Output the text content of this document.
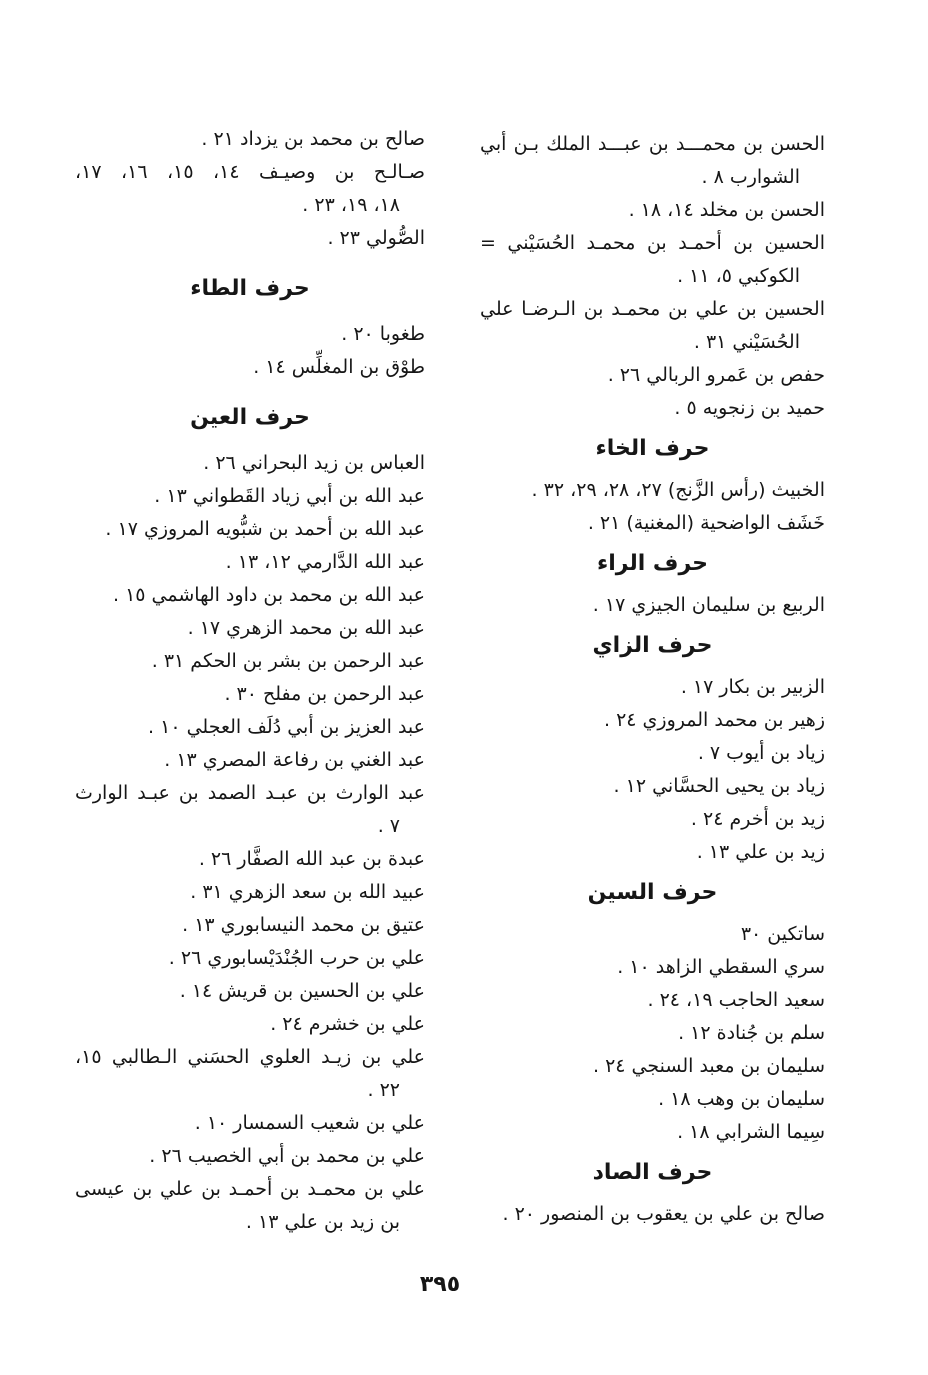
الحسن بن محمـــد بن عبـــد الملك بـن أبي
الشوارب ٨ .
الحسن بن مخلد ١٤، ١٨ .
الحسين بن أحمـد بن محمـد الحُسَيْني =
الكوكبي ٥، ١١ .
الحسين بن علي بن محمـد بن الـرضـا علي
الحُسَيْني ٣١ .
حفص بن عَمرو الربالي ٢٦ .
حميد بن زنجويه ٥ .
حرف الخاء
الخبيث (رأس الزَّنج) ٢٧، ٢٨، ٢٩، ٣٢ .
خَشَف الواضحية (المغنية) ٢١ .
حرف الراء
الربيع بن سليمان الجيزي ١٧ .
حرف الزاي
الزبير بن بكار ١٧ .
زهير بن محمد المروزي ٢٤ .
زياد بن أيوب ٧ .
زياد بن يحيى الحسَّاني ١٢ .
زيد بن أخرم ٢٤ .
زيد بن علي ١٣ .
حرف السين
ساتكين ٣٠
سري السقطي الزاهد ١٠ .
سعيد الحاجب ١٩، ٢٤ .
سلم بن جُنادة ١٢ .
سليمان بن معبد السنجي ٢٤ .
سليمان بن وهب ١٨ .
سِيما الشرابي ١٨ .
حرف الصاد
صالح بن علي بن يعقوب بن المنصور ٢٠ .
صالح بن محمد بن يزداد ٢١ .
صـالـح بن وصيـف ١٤، ١٥، ١٦، ١٧،
١٨، ١٩، ٢٣ .
الصُّولي ٢٣ .
حرف الطاء
طغوبا ٢٠ .
طوْق بن المغلِّس ١٤ .
حرف العين
العباس بن زيد البحراني ٢٦ .
عبد الله بن أبي زياد القَطواني ١٣ .
عبد الله بن أحمد بن شبُّويه المروزي ١٧ .
عبد الله الدَّارمي ١٢، ١٣ .
عبد الله بن محمد بن داود الهاشمي ١٥ .
عبد الله بن محمد الزهري ١٧ .
عبد الرحمن بن بشر بن الحكم ٣١ .
عبد الرحمن بن مفلح ٣٠ .
عبد العزيز بن أبي دُلَف العجلي ١٠ .
عبد الغني بن رفاعة المصري ١٣ .
عبد الوارث بن عبـد الصمد بن عبـد الوارث
٧ .
عبدة بن عبد الله الصفَّار ٢٦ .
عبيد الله بن سعد الزهري ٣١ .
عتيق بن محمد النيسابوري ١٣ .
علي بن حرب الجُنْدَيْسابوري ٢٦ .
علي بن الحسين بن قريش ١٤ .
علي بن خشرم ٢٤ .
علي بن زيـد العلوي الحسَني الـطالبي ١٥،
٢٢ .
علي بن شعيب السمسار ١٠ .
علي بن محمد بن أبي الخصيب ٢٦ .
علي بن محمـد بن أحمـد بن علي بن عيسى
بن زيد بن علي ١٣ .
٣٩٥
